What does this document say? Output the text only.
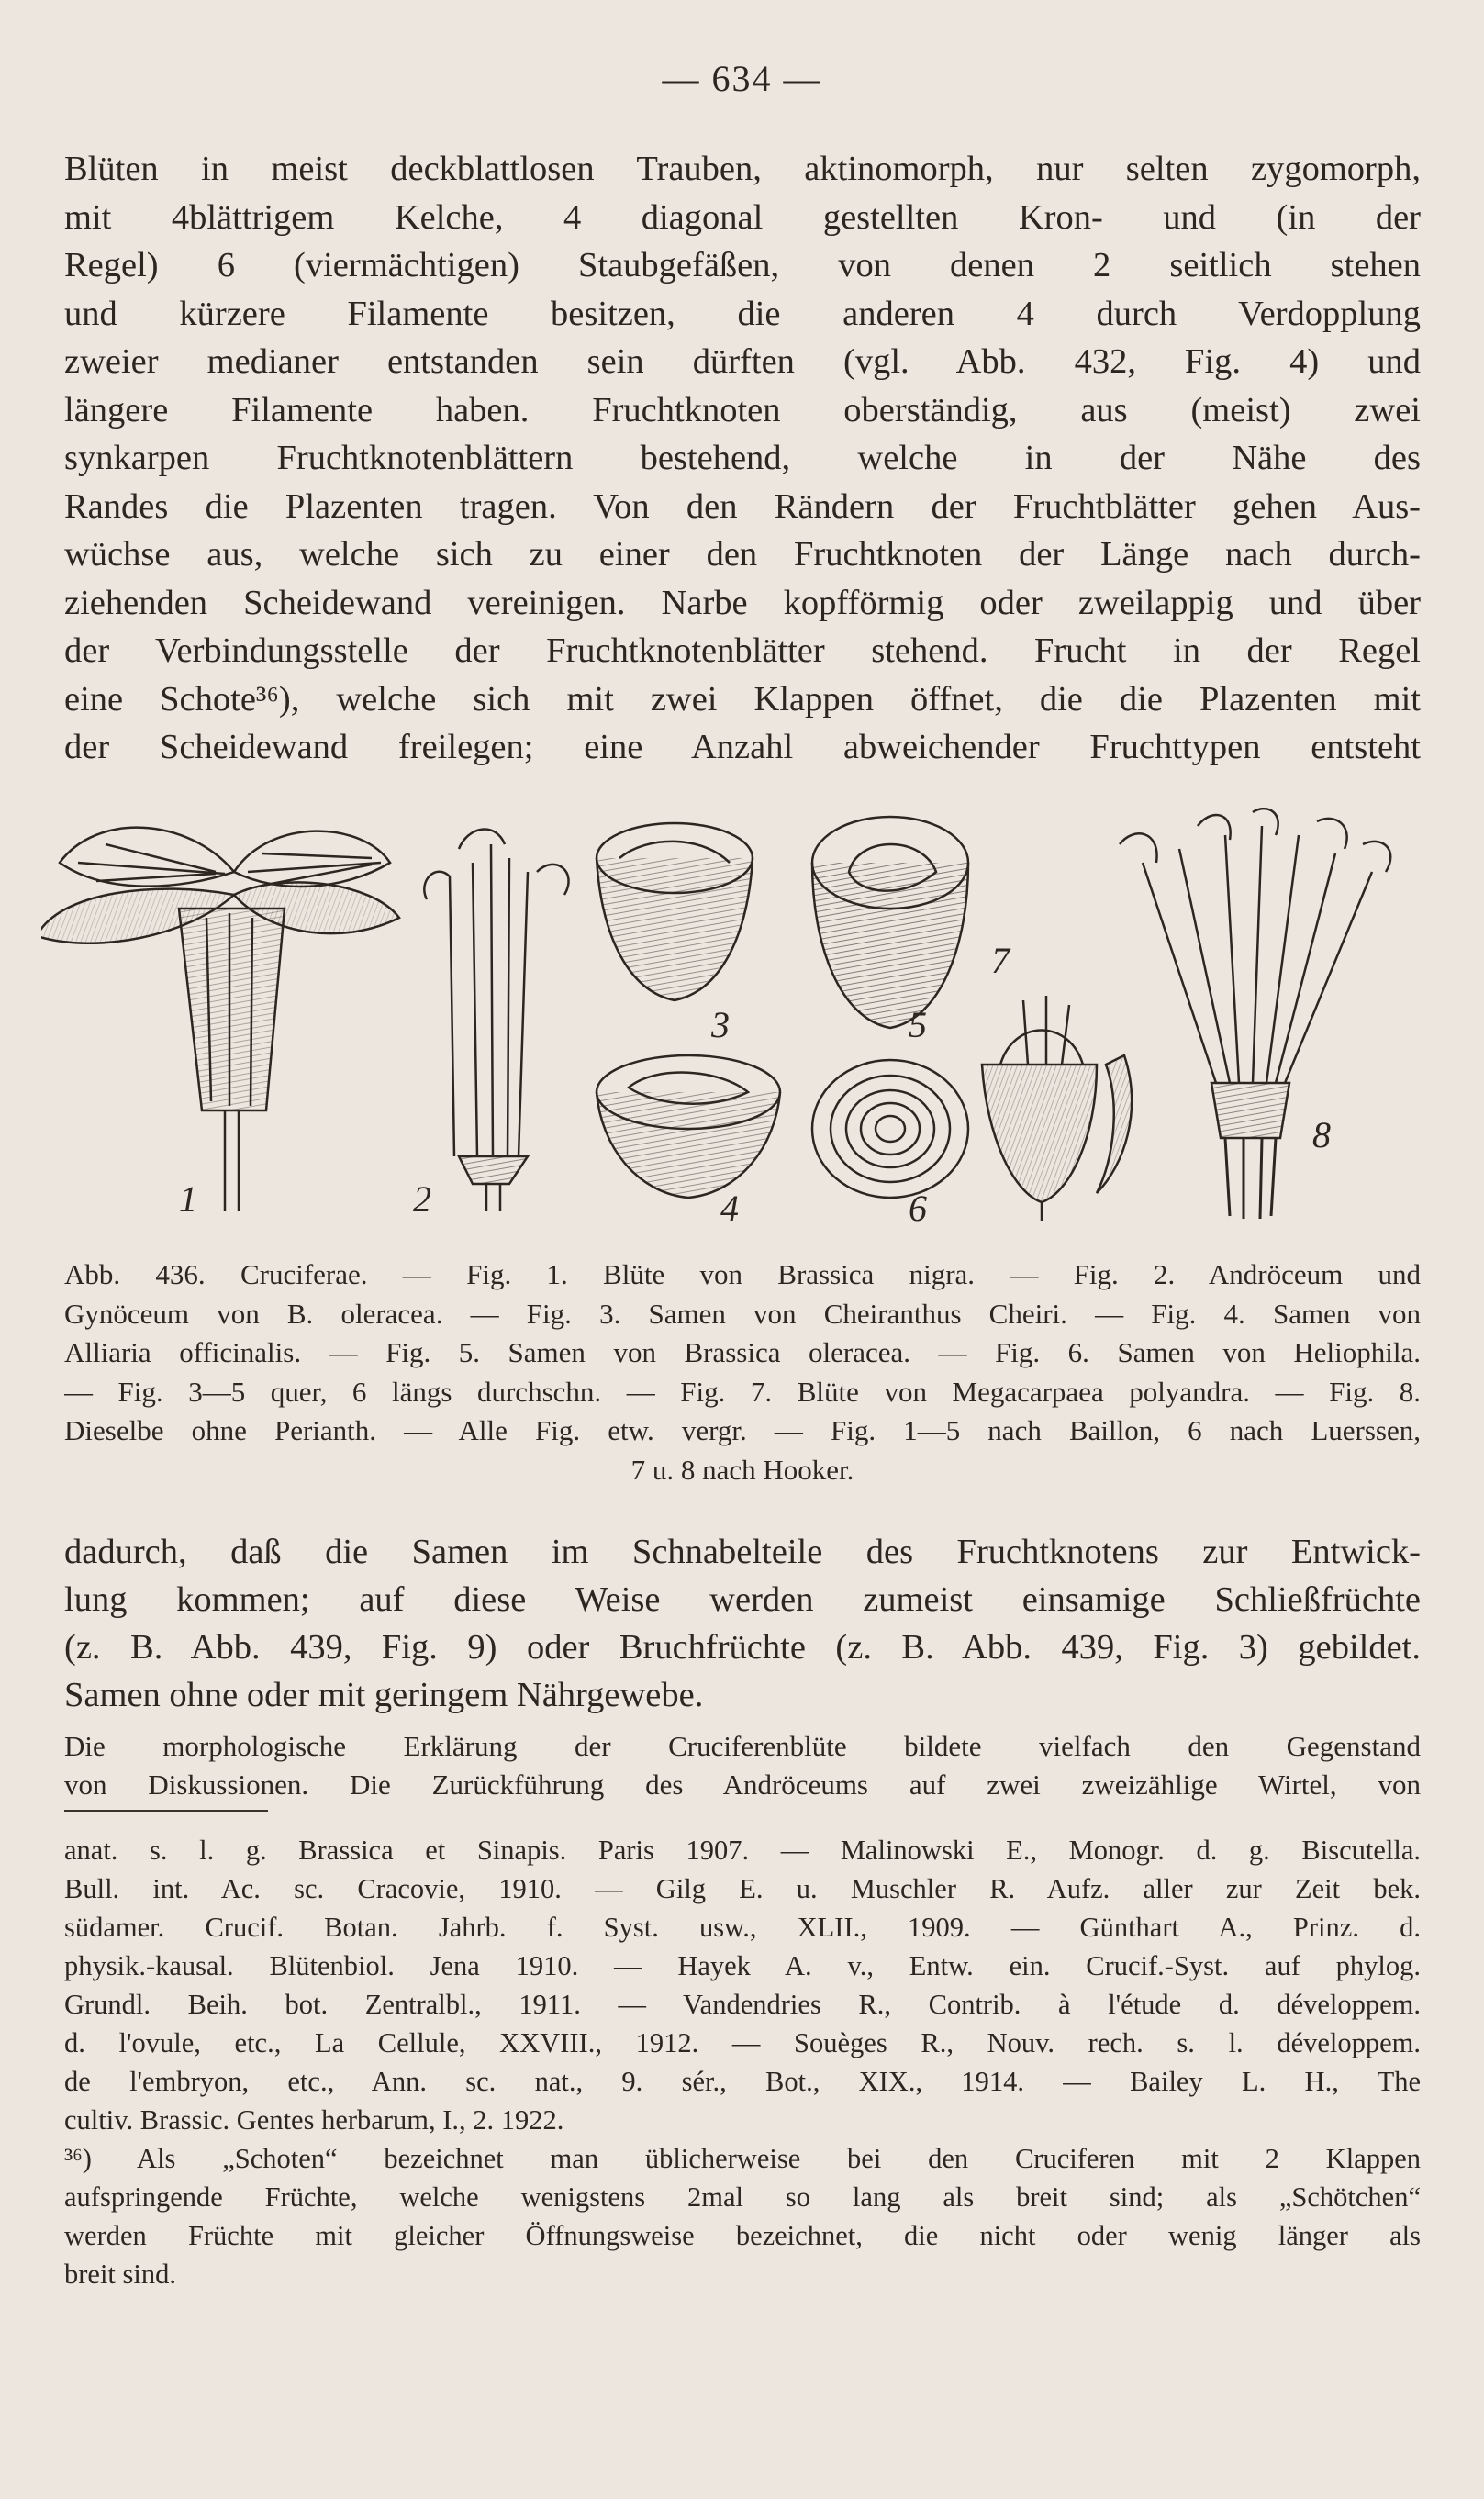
— 634 —

Blüten in meist deckblattlosen Trauben, aktinomorph, nur selten zygomorph,

mit 4blättrigem Kelche, 4 diagonal gestellten Kron- und (in der

Regel) 6 (viermächtigen) Staubgefäßen, von denen 2 seitlich stehen

und kürzere Filamente besitzen, die anderen 4 durch Verdopplung

zweier medianer entstanden sein dürften (vgl. Abb. 432, Fig. 4) und

längere Filamente haben. Fruchtknoten oberständig, aus (meist) zwei

synkarpen Fruchtknotenblättern bestehend, welche in der Nähe des

Randes die Plazenten tragen. Von den Rändern der Fruchtblätter gehen Aus-

wüchse aus, welche sich zu einer den Fruchtknoten der Länge nach durch-

ziehenden Scheidewand vereinigen. Narbe kopfförmig oder zweilappig und über

der Verbindungsstelle der Fruchtknotenblätter stehend. Frucht in der Regel

eine Schote³⁶), welche sich mit zwei Klappen öffnet, die die Plazenten mit

der Scheidewand freilegen; eine Anzahl abweichender Fruchttypen entsteht

1	2
3
4
5
6
7
8

Abb. 436. Cruciferae. — Fig. 1. Blüte von Brassica nigra. — Fig. 2. Andröceum und

Gynöceum von B. oleracea. — Fig. 3. Samen von Cheiranthus Cheiri. — Fig. 4. Samen von

Alliaria officinalis. — Fig. 5. Samen von Brassica oleracea. — Fig. 6. Samen von Heliophila.

— Fig. 3—5 quer, 6 längs durchschn. — Fig. 7. Blüte von Megacarpaea polyandra. — Fig. 8.

Dieselbe ohne Perianth. — Alle Fig. etw. vergr. — Fig. 1—5 nach Baillon, 6 nach Luerssen,

7 u. 8 nach Hooker.

dadurch, daß die Samen im Schnabelteile des Fruchtknotens zur Entwick-

lung kommen; auf diese Weise werden zumeist einsamige Schließfrüchte

(z. B. Abb. 439, Fig. 9) oder Bruchfrüchte (z. B. Abb. 439, Fig. 3) gebildet.

Samen ohne oder mit geringem Nährgewebe.

Die morphologische Erklärung der Cruciferenblüte bildete vielfach den Gegenstand

von Diskussionen. Die Zurückführung des Andröceums auf zwei zweizählige Wirtel, von

anat. s. l. g. Brassica et Sinapis. Paris 1907. — Malinowski E., Monogr. d. g. Biscutella.

Bull. int. Ac. sc. Cracovie, 1910. — Gilg E. u. Muschler R. Aufz. aller zur Zeit bek.

südamer. Crucif. Botan. Jahrb. f. Syst. usw., XLII., 1909. — Günthart A., Prinz. d.

physik.-kausal. Blütenbiol. Jena 1910. — Hayek A. v., Entw. ein. Crucif.-Syst. auf phylog.

Grundl. Beih. bot. Zentralbl., 1911. — Vandendries R., Contrib. à l'étude d. développem.

d. l'ovule, etc., La Cellule, XXVIII., 1912. — Souèges R., Nouv. rech. s. l. développem.

de l'embryon, etc., Ann. sc. nat., 9. sér., Bot., XIX., 1914. — Bailey L. H., The

cultiv. Brassic. Gentes herbarum, I., 2. 1922.

³⁶) Als „Schoten“ bezeichnet man üblicherweise bei den Cruciferen mit 2 Klappen

aufspringende Früchte, welche wenigstens 2mal so lang als breit sind; als „Schötchen“

werden Früchte mit gleicher Öffnungsweise bezeichnet, die nicht oder wenig länger als

breit sind.
